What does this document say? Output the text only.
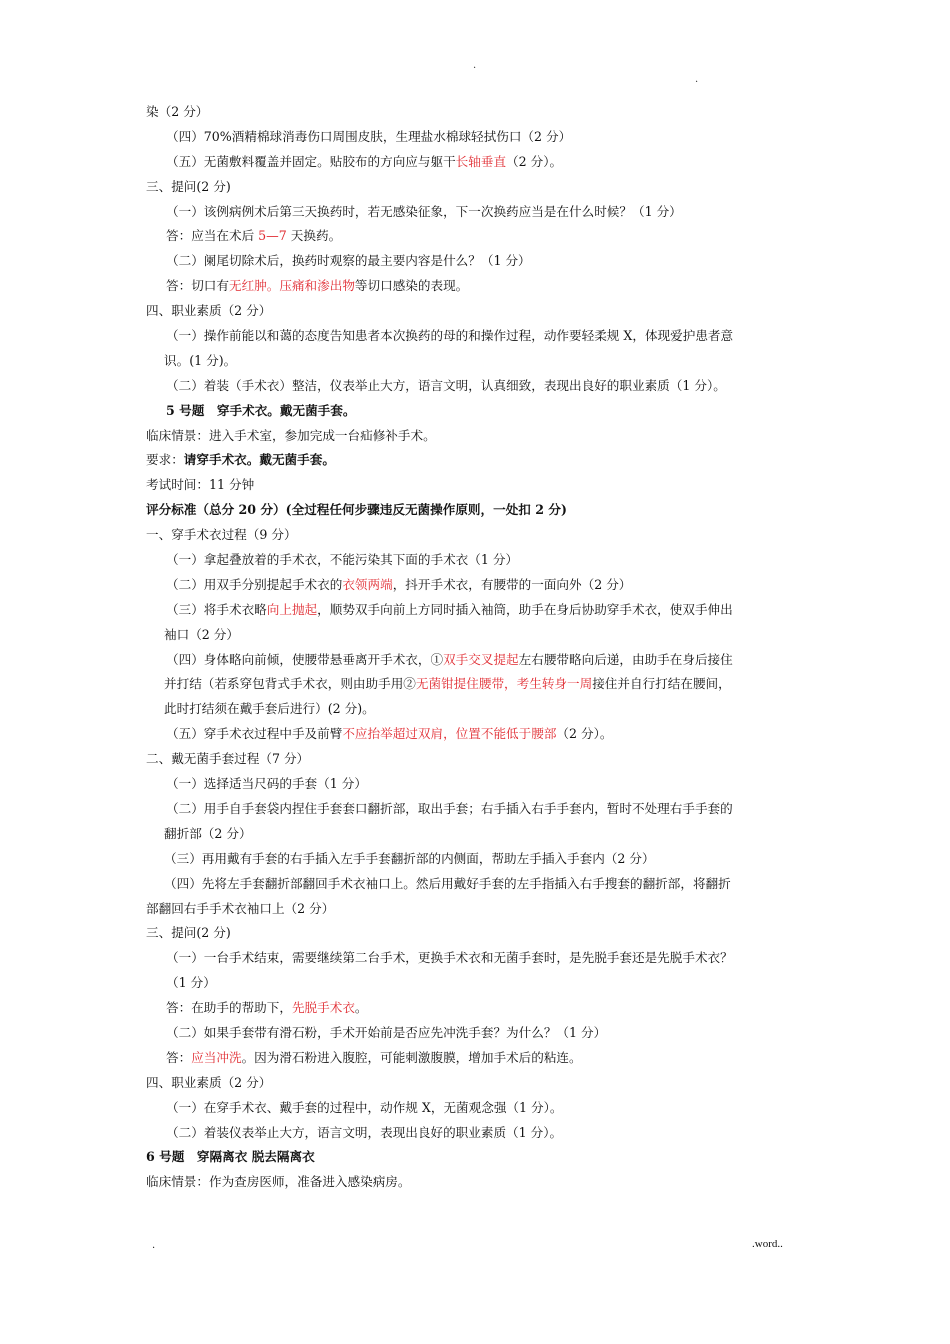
.
.
染（2 分）
（四）70%酒精棉球消毒伤口周围皮肤，生理盐水棉球轻拭伤口（2 分）
（五）无菌敷料覆盖并固定。贴胶布的方向应与躯干长轴垂直（2 分）。
三、提问(2 分)
（一）该例病例术后第三天换药时，若无感染征象，下一次换药应当是在什么时候？（1 分）
答：应当在术后 5—7 天换药。
（二）阑尾切除术后，换药时观察的最主要内容是什么？（1 分）
答：切口有无红肿。压痛和渗出物等切口感染的表现。
四、职业素质（2 分）
（一）操作前能以和蔼的态度告知患者本次换药的母的和操作过程，动作要轻柔规 X，体现爱护患者意
识。(1 分)。
（二）着装（手术衣）整洁，仪表举止大方，语言文明，认真细致，表现出良好的职业素质（1 分）。
5 号题　穿手术衣。戴无菌手套。
临床情景：进入手术室，参加完成一台疝修补手术。
要求：请穿手术衣。戴无菌手套。
考试时间：11 分钟
评分标准（总分 20 分）(全过程任何步骤违反无菌操作原则，一处扣 2 分)
一、穿手术衣过程（9 分）
（一）拿起叠放着的手术衣，不能污染其下面的手术衣（1 分）
（二）用双手分别提起手术衣的衣领两端，抖开手术衣，有腰带的一面向外（2 分）
（三）将手术衣略向上抛起，顺势双手向前上方同时插入袖筒，助手在身后协助穿手术衣，使双手伸出
袖口（2 分）
（四）身体略向前倾，使腰带悬垂离开手术衣，①双手交叉提起左右腰带略向后递，由助手在身后接住
并打结（若系穿包背式手术衣，则由助手用②无菌钳提住腰带，考生转身一周接住并自行打结在腰间，
此时打结须在戴手套后进行）(2 分)。
（五）穿手术衣过程中手及前臂不应抬举超过双肩，位置不能低于腰部（2 分）。
二、戴无菌手套过程（7 分）
（一）选择适当尺码的手套（1 分）
（二）用手自手套袋内捏住手套套口翻折部，取出手套；右手插入右手手套内，暂时不处理右手手套的
翻折部（2 分）
（三）再用戴有手套的右手插入左手手套翻折部的内侧面，帮助左手插入手套内（2 分）
（四）先将左手套翻折部翻回手术衣袖口上。然后用戴好手套的左手指插入右手搜套的翻折部，将翻折
部翻回右手手术衣袖口上（2 分）
三、提问(2 分)
（一）一台手术结束，需要继续第二台手术，更换手术衣和无菌手套时，是先脱手套还是先脱手术衣？
（1 分）
答：在助手的帮助下，先脱手术衣。
（二）如果手套带有滑石粉，手术开始前是否应先冲洗手套？为什么？（1 分）
答：应当冲洗。因为滑石粉进入腹腔，可能刺激腹膜，增加手术后的粘连。
四、职业素质（2 分）
（一）在穿手术衣、戴手套的过程中，动作规 X，无菌观念强（1 分）。
（二）着装仪表举止大方，语言文明，表现出良好的职业素质（1 分）。
6 号题　穿隔离衣 脱去隔离衣
临床情景：作为查房医师，准备进入感染病房。
.	.word..
